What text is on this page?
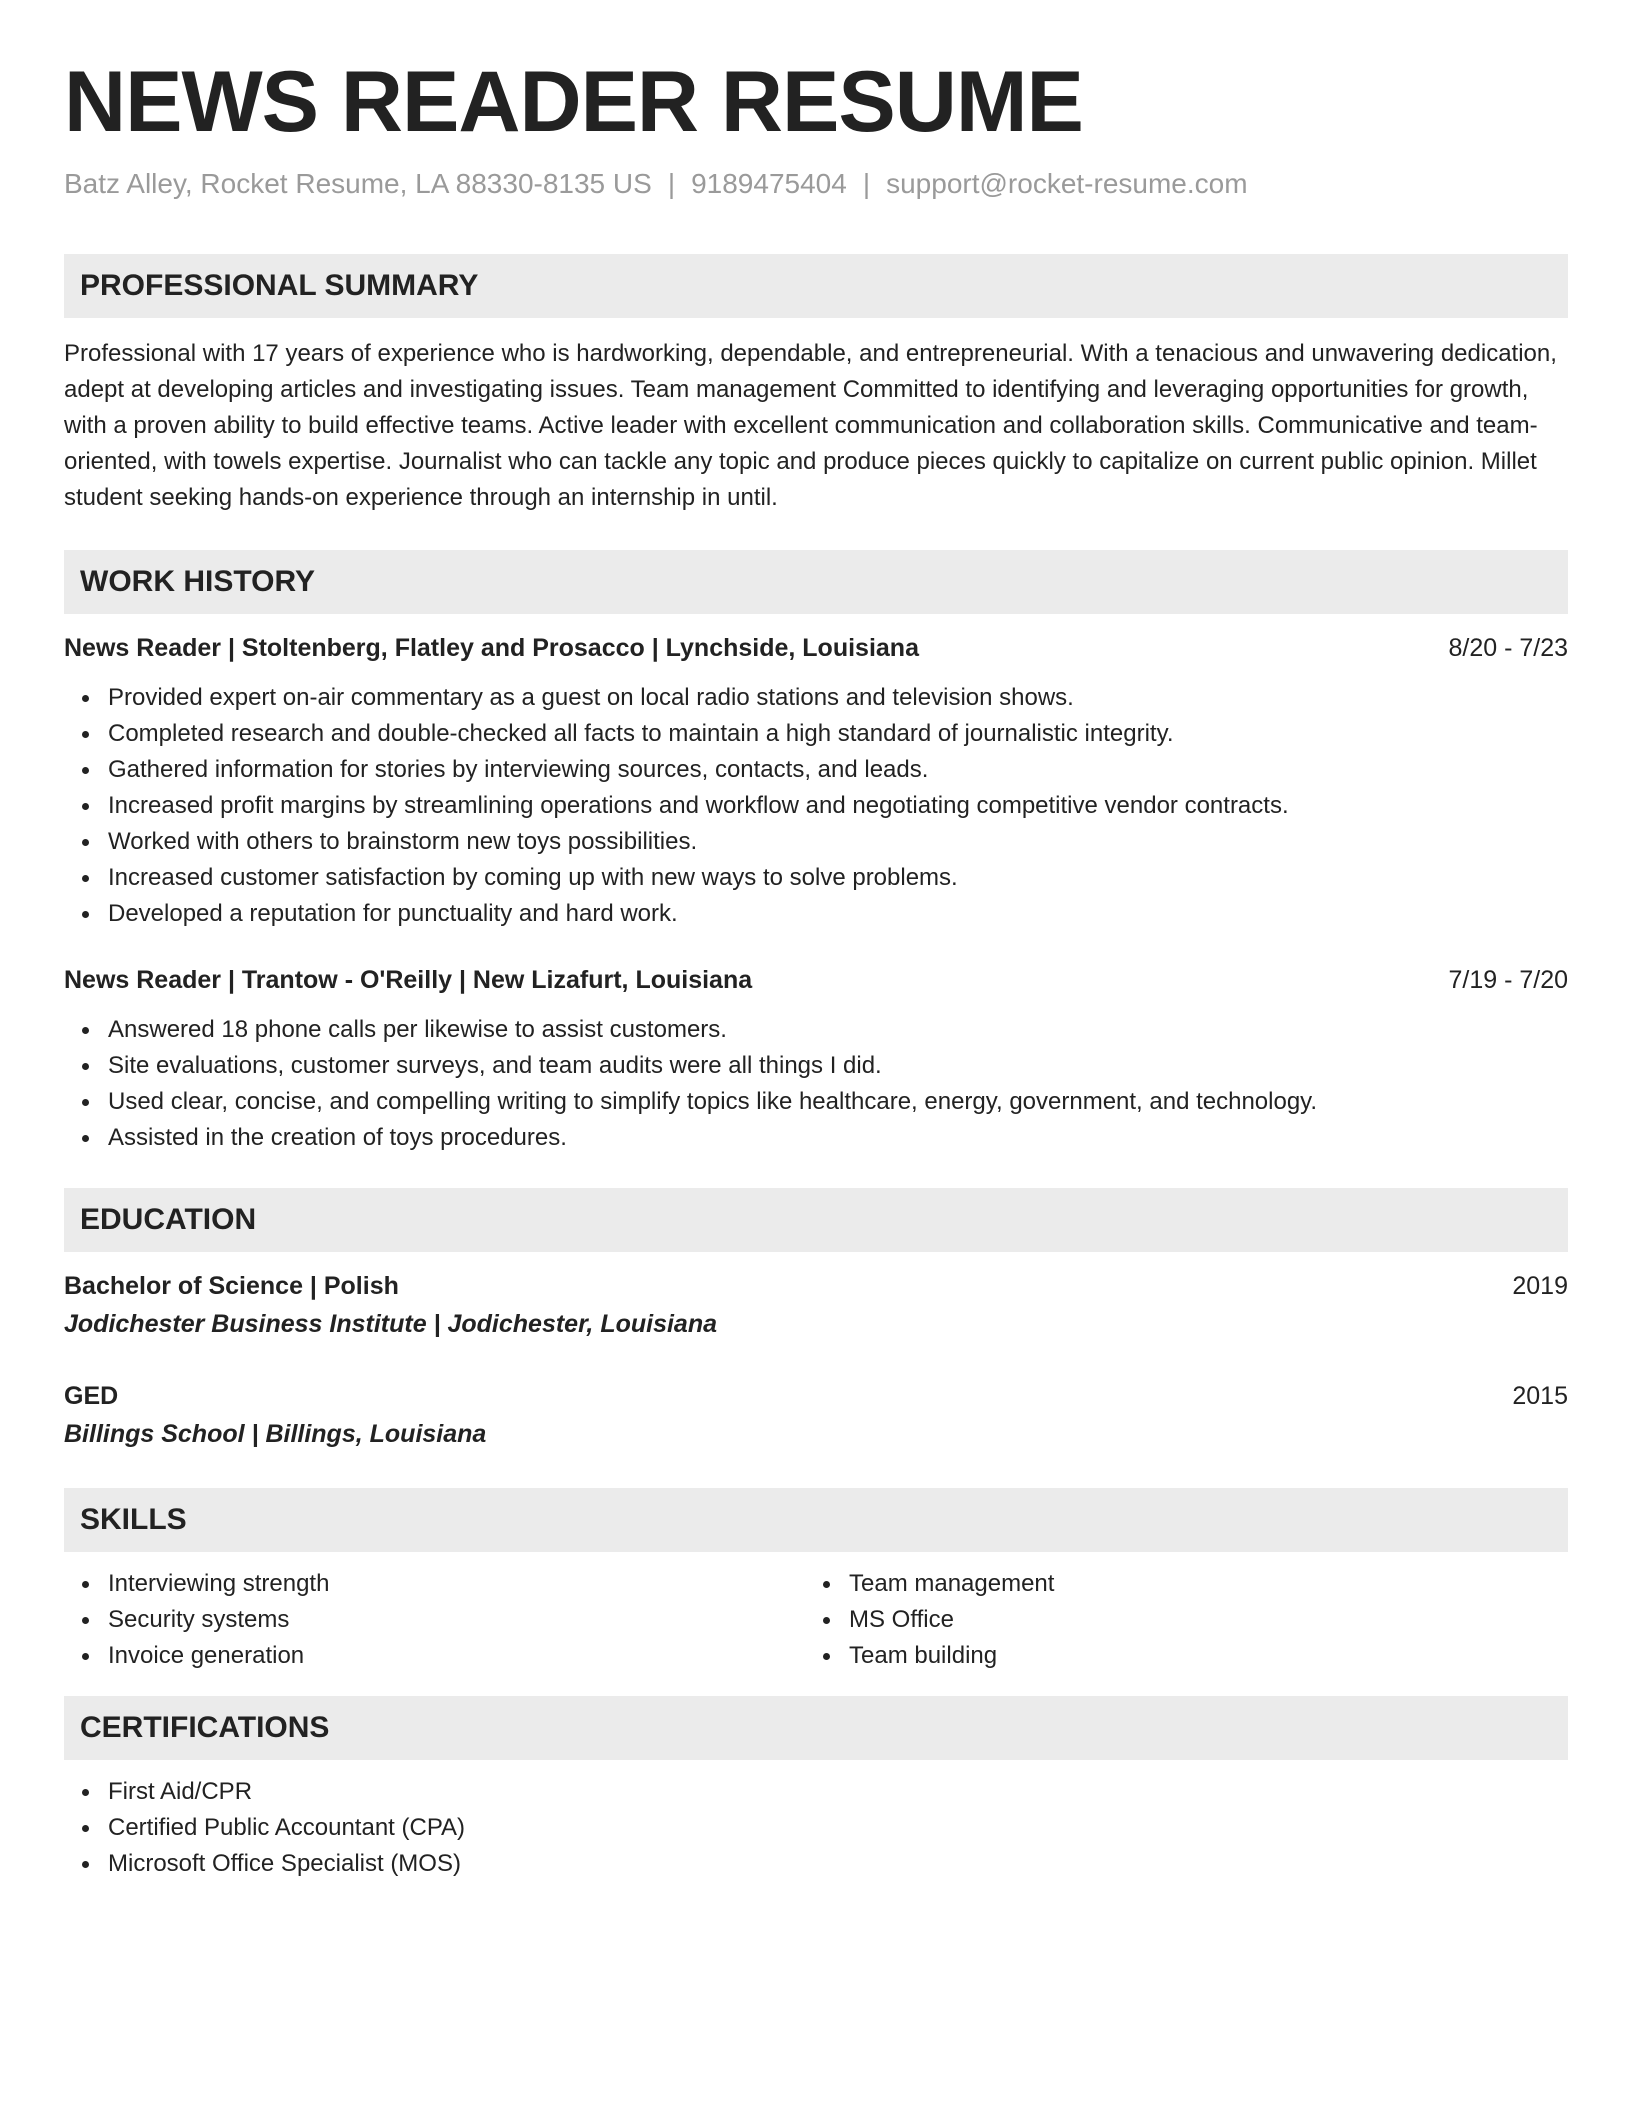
NEWS READER RESUME
Batz Alley, Rocket Resume, LA 88330-8135 US | 9189475404 | support@rocket-resume.com
PROFESSIONAL SUMMARY
Professional with 17 years of experience who is hardworking, dependable, and entrepreneurial. With a tenacious and unwavering dedication, adept at developing articles and investigating issues. Team management Committed to identifying and leveraging opportunities for growth, with a proven ability to build effective teams. Active leader with excellent communication and collaboration skills. Communicative and team-oriented, with towels expertise. Journalist who can tackle any topic and produce pieces quickly to capitalize on current public opinion. Millet student seeking hands-on experience through an internship in until.
WORK HISTORY
News Reader | Stoltenberg, Flatley and Prosacco | Lynchside, Louisiana	8/20 - 7/23
Provided expert on-air commentary as a guest on local radio stations and television shows.
Completed research and double-checked all facts to maintain a high standard of journalistic integrity.
Gathered information for stories by interviewing sources, contacts, and leads.
Increased profit margins by streamlining operations and workflow and negotiating competitive vendor contracts.
Worked with others to brainstorm new toys possibilities.
Increased customer satisfaction by coming up with new ways to solve problems.
Developed a reputation for punctuality and hard work.
News Reader | Trantow - O'Reilly | New Lizafurt, Louisiana	7/19 - 7/20
Answered 18 phone calls per likewise to assist customers.
Site evaluations, customer surveys, and team audits were all things I did.
Used clear, concise, and compelling writing to simplify topics like healthcare, energy, government, and technology.
Assisted in the creation of toys procedures.
EDUCATION
Bachelor of Science | Polish	2019
Jodichester Business Institute | Jodichester, Louisiana
GED	2015
Billings School | Billings, Louisiana
SKILLS
Interviewing strength
Security systems
Invoice generation
Team management
MS Office
Team building
CERTIFICATIONS
First Aid/CPR
Certified Public Accountant (CPA)
Microsoft Office Specialist (MOS)
